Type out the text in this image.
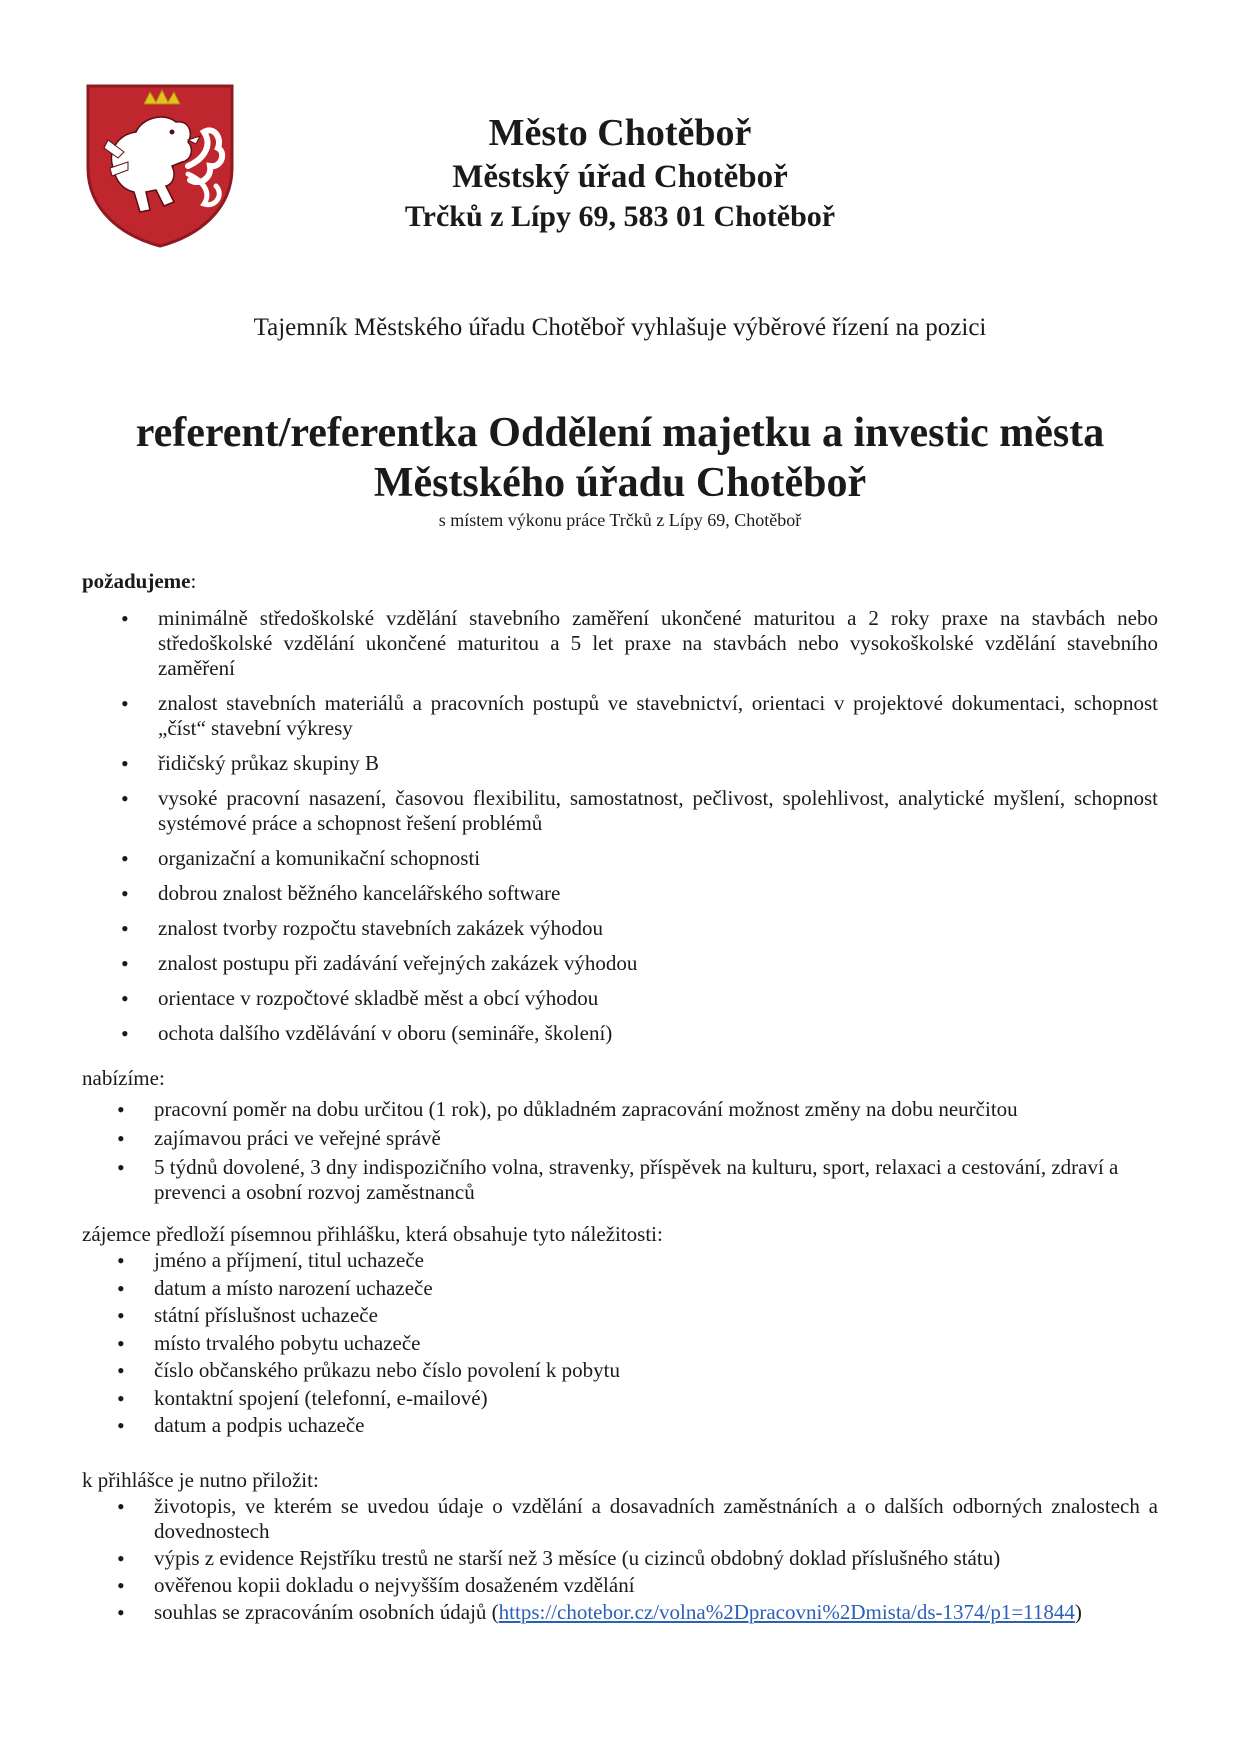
Město Chotěboř
Městský úřad Chotěboř
Trčků z Lípy 69, 583 01 Chotěboř

Tajemník Městského úřadu Chotěboř vyhlašuje výběrové řízení na pozici

referent/referentka Oddělení majetku a investic města
Městského úřadu Chotěboř
s místem výkonu práce Trčků z Lípy 69, Chotěboř

požadujeme:

• minimálně středoškolské vzdělání stavebního zaměření ukončené maturitou a 2 roky praxe na stavbách nebo středoškolské vzdělání ukončené maturitou a 5 let praxe na stavbách nebo vysokoškolské vzdělání stavebního zaměření
• znalost stavebních materiálů a pracovních postupů ve stavebnictví, orientaci v projektové dokumentaci, schopnost „číst“ stavební výkresy
• řidičský průkaz skupiny B
• vysoké pracovní nasazení, časovou flexibilitu, samostatnost, pečlivost, spolehlivost, analytické myšlení, schopnost systémové práce a schopnost řešení problémů
• organizační a komunikační schopnosti
• dobrou znalost běžného kancelářského software
• znalost tvorby rozpočtu stavebních zakázek výhodou
• znalost postupu při zadávání veřejných zakázek výhodou
• orientace v rozpočtové skladbě měst a obcí výhodou
• ochota dalšího vzdělávání v oboru (semináře, školení)

nabízíme:

• pracovní poměr na dobu určitou (1 rok), po důkladném zapracování možnost změny na dobu neurčitou
• zajímavou práci ve veřejné správě
• 5 týdnů dovolené, 3 dny indispozičního volna, stravenky, příspěvek na kulturu, sport, relaxaci a cestování, zdraví a prevenci a osobní rozvoj zaměstnanců

zájemce předloží písemnou přihlášku, která obsahuje tyto náležitosti:

• jméno a příjmení, titul uchazeče
• datum a místo narození uchazeče
• státní příslušnost uchazeče
• místo trvalého pobytu uchazeče
• číslo občanského průkazu nebo číslo povolení k pobytu
• kontaktní spojení (telefonní, e-mailové)
• datum a podpis uchazeče

k přihlášce je nutno přiložit:

• životopis, ve kterém se uvedou údaje o vzdělání a dosavadních zaměstnáních a o dalších odborných znalostech a dovednostech
• výpis z evidence Rejstříku trestů ne starší než 3 měsíce (u cizinců obdobný doklad příslušného státu)
• ověřenou kopii dokladu o nejvyšším dosaženém vzdělání
• souhlas se zpracováním osobních údajů (https://chotebor.cz/volna%2Dpracovni%2Dmista/ds-1374/p1=11844)
